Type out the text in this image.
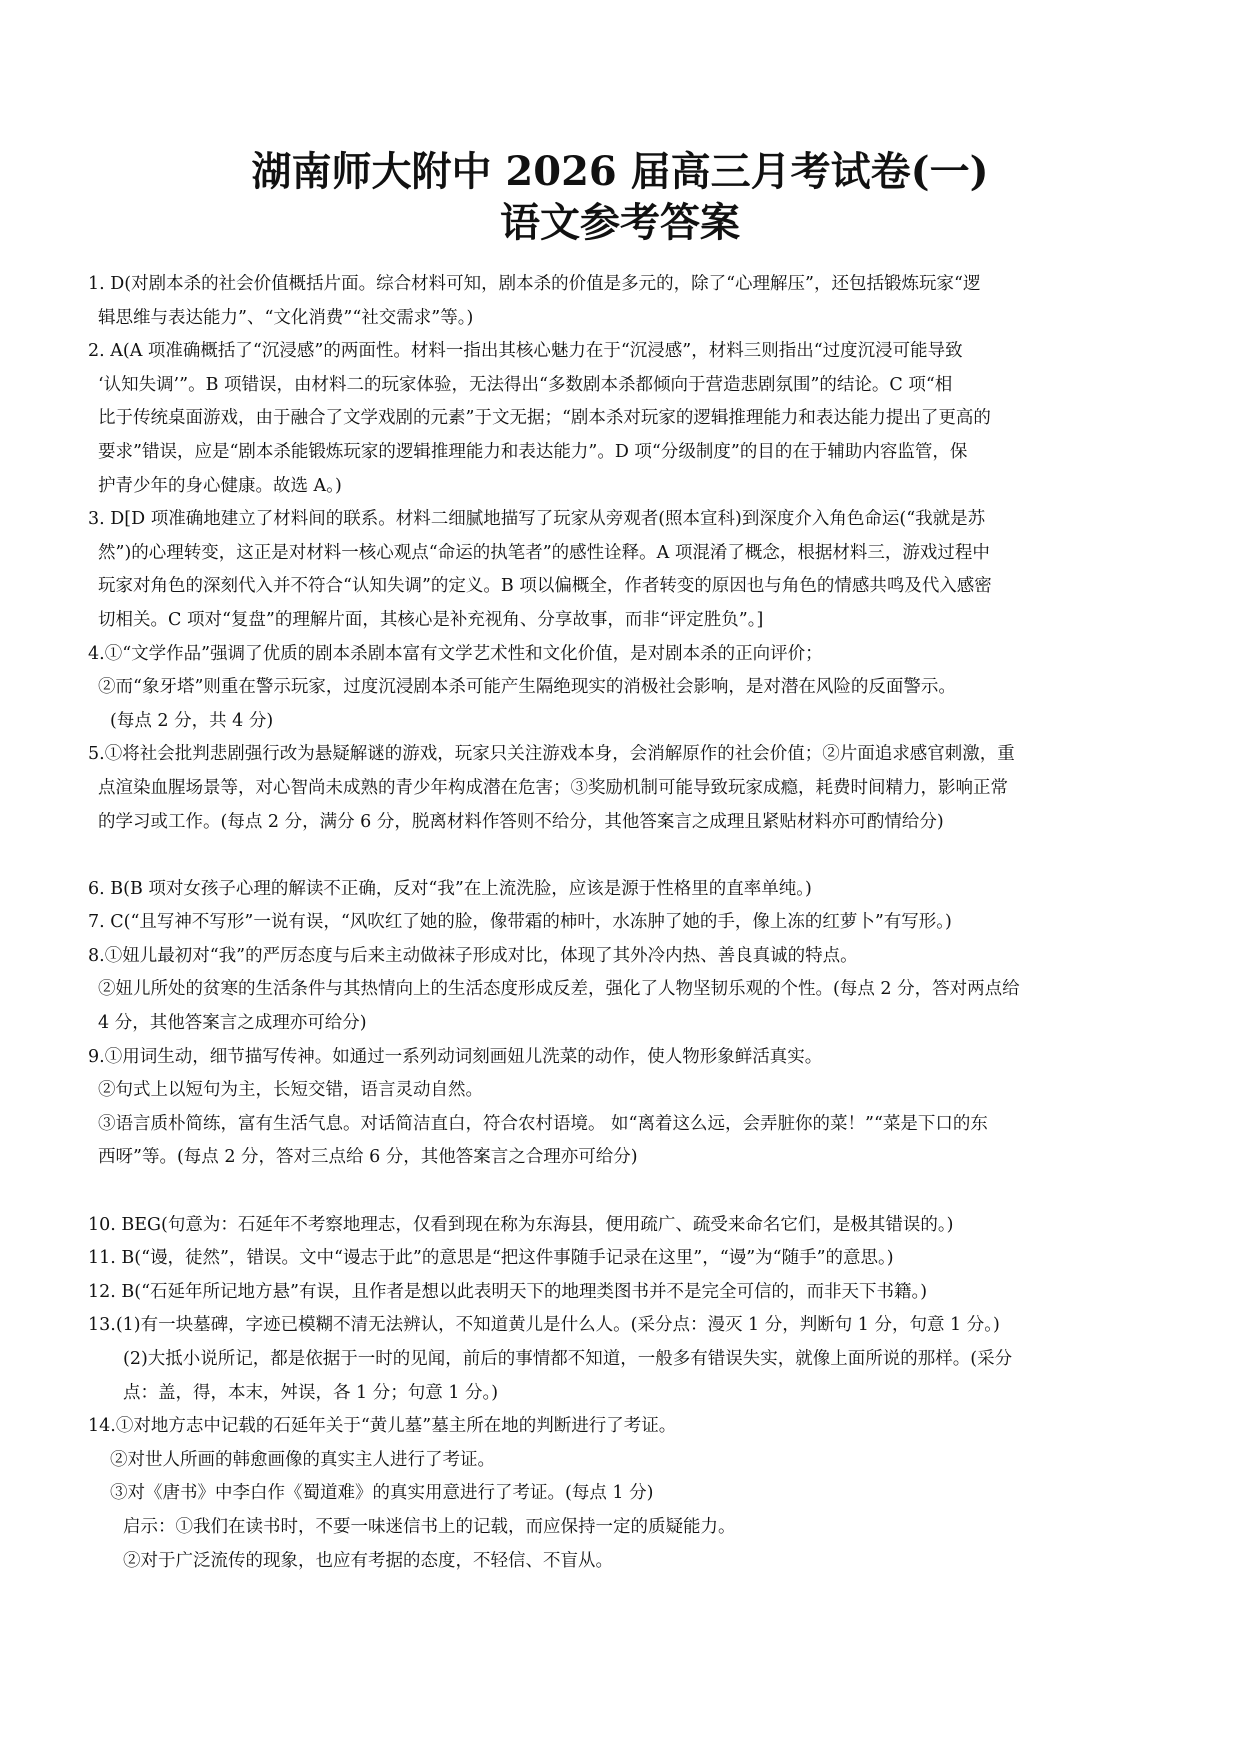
湖南师大附中 2026 届高三月考试卷(一)
语文参考答案
1. D(对剧本杀的社会价值概括片面。综合材料可知，剧本杀的价值是多元的，除了“心理解压”，还包括锻炼玩家“逻
辑思维与表达能力”、“文化消费”“社交需求”等。)
2. A(A 项准确概括了“沉浸感”的两面性。材料一指出其核心魅力在于“沉浸感”，材料三则指出“过度沉浸可能导致
‘认知失调’”。B 项错误，由材料二的玩家体验，无法得出“多数剧本杀都倾向于营造悲剧氛围”的结论。C 项“相
比于传统桌面游戏，由于融合了文学戏剧的元素”于文无据；“剧本杀对玩家的逻辑推理能力和表达能力提出了更高的
要求”错误，应是“剧本杀能锻炼玩家的逻辑推理能力和表达能力”。D 项“分级制度”的目的在于辅助内容监管，保
护青少年的身心健康。故选 A。)
3. D[D 项准确地建立了材料间的联系。材料二细腻地描写了玩家从旁观者(照本宣科)到深度介入角色命运(“我就是苏
然”)的心理转变，这正是对材料一核心观点“命运的执笔者”的感性诠释。A 项混淆了概念，根据材料三，游戏过程中
玩家对角色的深刻代入并不符合“认知失调”的定义。B 项以偏概全，作者转变的原因也与角色的情感共鸣及代入感密
切相关。C 项对“复盘”的理解片面，其核心是补充视角、分享故事，而非“评定胜负”。]
4.①“文学作品”强调了优质的剧本杀剧本富有文学艺术性和文化价值，是对剧本杀的正向评价；
②而“象牙塔”则重在警示玩家，过度沉浸剧本杀可能产生隔绝现实的消极社会影响，是对潜在风险的反面警示。
(每点 2 分，共 4 分)
5.①将社会批判悲剧强行改为悬疑解谜的游戏，玩家只关注游戏本身，会消解原作的社会价值；②片面追求感官刺激，重
点渲染血腥场景等，对心智尚未成熟的青少年构成潜在危害；③奖励机制可能导致玩家成瘾，耗费时间精力，影响正常
的学习或工作。(每点 2 分，满分 6 分，脱离材料作答则不给分，其他答案言之成理且紧贴材料亦可酌情给分)
6. B(B 项对女孩子心理的解读不正确，反对“我”在上流洗脸，应该是源于性格里的直率单纯。)
7. C(“且写神不写形”一说有误，“风吹红了她的脸，像带霜的柿叶，水冻肿了她的手，像上冻的红萝卜”有写形。)
8.①妞儿最初对“我”的严厉态度与后来主动做袜子形成对比，体现了其外冷内热、善良真诚的特点。
②妞儿所处的贫寒的生活条件与其热情向上的生活态度形成反差，强化了人物坚韧乐观的个性。(每点 2 分，答对两点给
4 分，其他答案言之成理亦可给分)
9.①用词生动，细节描写传神。如通过一系列动词刻画妞儿洗菜的动作，使人物形象鲜活真实。
②句式上以短句为主，长短交错，语言灵动自然。
③语言质朴简练，富有生活气息。对话简洁直白，符合农村语境。 如“离着这么远，会弄脏你的菜！”“菜是下口的东
西呀”等。(每点 2 分，答对三点给 6 分，其他答案言之合理亦可给分)
10. BEG(句意为：石延年不考察地理志，仅看到现在称为东海县，便用疏广、疏受来命名它们，是极其错误的。)
11. B(“谩，徒然”，错误。文中“谩志于此”的意思是“把这件事随手记录在这里”，“谩”为“随手”的意思。)
12. B(“石延年所记地方悬”有误，且作者是想以此表明天下的地理类图书并不是完全可信的，而非天下书籍。)
13.(1)有一块墓碑，字迹已模糊不清无法辨认，不知道黄儿是什么人。(采分点：漫灭 1 分，判断句 1 分，句意 1 分。)
(2)大抵小说所记，都是依据于一时的见闻，前后的事情都不知道，一般多有错误失实，就像上面所说的那样。(采分
点：盖，得，本末，舛误，各 1 分；句意 1 分。)
14.①对地方志中记载的石延年关于“黄儿墓”墓主所在地的判断进行了考证。
②对世人所画的韩愈画像的真实主人进行了考证。
③对《唐书》中李白作《蜀道难》的真实用意进行了考证。(每点 1 分)
启示：①我们在读书时，不要一味迷信书上的记载，而应保持一定的质疑能力。
②对于广泛流传的现象，也应有考据的态度，不轻信、不盲从。
